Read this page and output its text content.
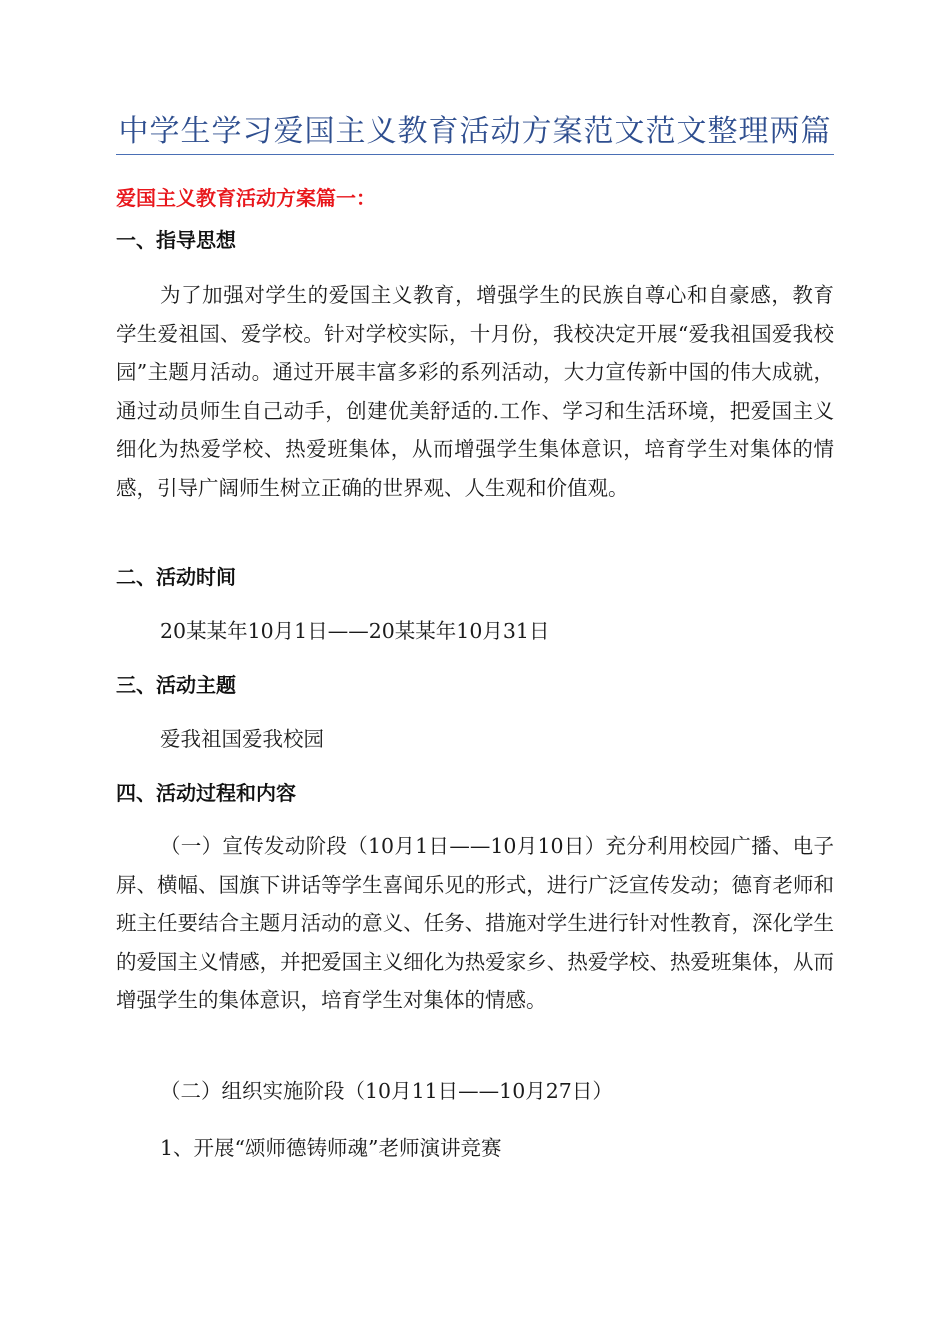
中学生学习爱国主义教育活动方案范文范文整理两篇
爱国主义教育活动方案篇一：
一、指导思想

为了加强对学生的爱国主义教育，增强学生的民族自尊心和自豪感，教育学生爱祖国、爱学校。针对学校实际，十月份，我校决定开展“爱我祖国爱我校园”主题月活动。通过开展丰富多彩的系列活动，大力宣传新中国的伟大成就，通过动员师生自己动手，创建优美舒适的.工作、学习和生活环境，把爱国主义细化为热爱学校、热爱班集体，从而增强学生集体意识，培育学生对集体的情感，引导广阔师生树立正确的世界观、人生观和价值观。

二、活动时间
20某某年10月1日——20某某年10月31日
三、活动主题
爱我祖国爱我校园
四、活动过程和内容

（一）宣传发动阶段（10月1日——10月10日）充分利用校园广播、电子屏、横幅、国旗下讲话等学生喜闻乐见的形式，进行广泛宣传发动；德育老师和班主任要结合主题月活动的意义、任务、措施对学生进行针对性教育，深化学生的爱国主义情感，并把爱国主义细化为热爱家乡、热爱学校、热爱班集体，从而增强学生的集体意识，培育学生对集体的情感。

（二）组织实施阶段（10月11日——10月27日）
1、开展“颂师德铸师魂”老师演讲竞赛
